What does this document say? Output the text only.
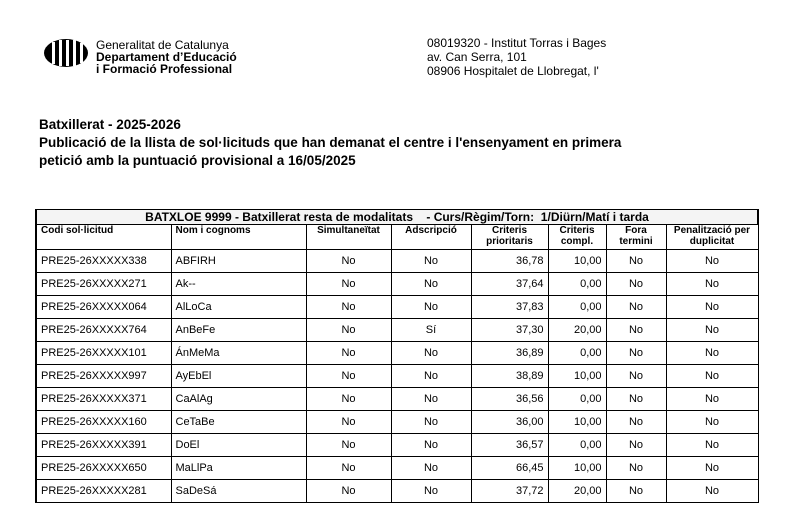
Generalitat de Catalunya
Departament d’Educació
i Formació Professional
08019320 - Institut Torras i Bages
av. Can Serra, 101
08906 Hospitalet de Llobregat, l'
Batxillerat - 2025-2026
Publicació de la llista de sol·licituds que han demanat el centre i l'ensenyament en primera
petició amb la puntuació provisional a 16/05/2025
BATXLOE 9999 - Batxillerat resta de modalitats    - Curs/Règim/Torn:  1/Diürn/Matí i tarda							
Codi sol·licitud	Nom i cognoms	Simultaneïtat	Adscripció	Criteris prioritaris	Criteris compl.	Fora termini	Penalització per duplicitat
PRE25-26XXXXX338	ABFIRH	No	No	36,78	10,00	No	No
PRE25-26XXXXX271	Ak--	No	No	37,64	0,00	No	No
PRE25-26XXXXX064	AlLoCa	No	No	37,83	0,00	No	No
PRE25-26XXXXX764	AnBeFe	No	Sí	37,30	20,00	No	No
PRE25-26XXXXX101	ÁnMeMa	No	No	36,89	0,00	No	No
PRE25-26XXXXX997	AyEbEl	No	No	38,89	10,00	No	No
PRE25-26XXXXX371	CaAlAg	No	No	36,56	0,00	No	No
PRE25-26XXXXX160	CeTaBe	No	No	36,00	10,00	No	No
PRE25-26XXXXX391	DoEl	No	No	36,57	0,00	No	No
PRE25-26XXXXX650	MaLlPa	No	No	66,45	10,00	No	No
PRE25-26XXXXX281	SaDeSá	No	No	37,72	20,00	No	No
